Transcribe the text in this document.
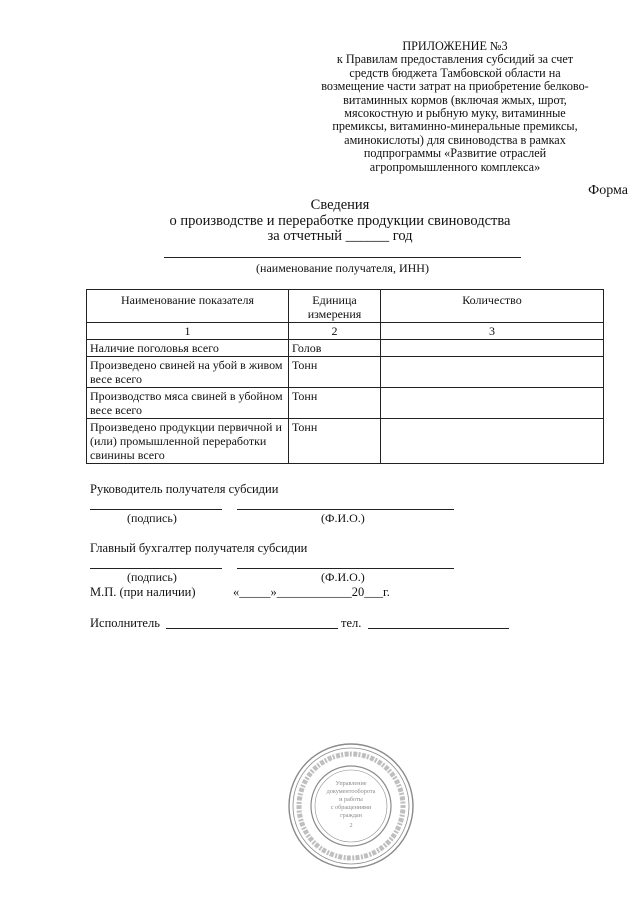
ПРИЛОЖЕНИЕ №3
к Правилам предоставления субсидий за счет
средств бюджета Тамбовской области на
возмещение части затрат на приобретение белково-
витаминных кормов (включая жмых, шрот,
мясокостную и рыбную муку, витаминные
премиксы, витаминно-минеральные премиксы,
аминокислоты) для свиноводства в рамках
подпрограммы «Развитие отраслей
агропромышленного комплекса»
Форма
Сведения
о производстве и переработке продукции свиноводства
за отчетный ______ год
(наименование получателя, ИНН)
Наименование показателя	Единица измерения	Количество
1	2	3
Наличие поголовья всего	Голов	
Произведено свиней на убой в живом весе всего	Тонн	
Производство мяса свиней в убойном весе всего	Тонн	
Произведено продукции первичной и (или) промышленной переработки свинины всего	Тонн	
Руководитель получателя субсидии
(подпись)	(Ф.И.О.)
Главный бухгалтер получателя субсидии
(подпись)	(Ф.И.О.)
М.П. (при наличии)	«_____»____________20___г.
Исполнитель	тел.
Управление
документооборота
и работы
с обращениями
граждан
2
